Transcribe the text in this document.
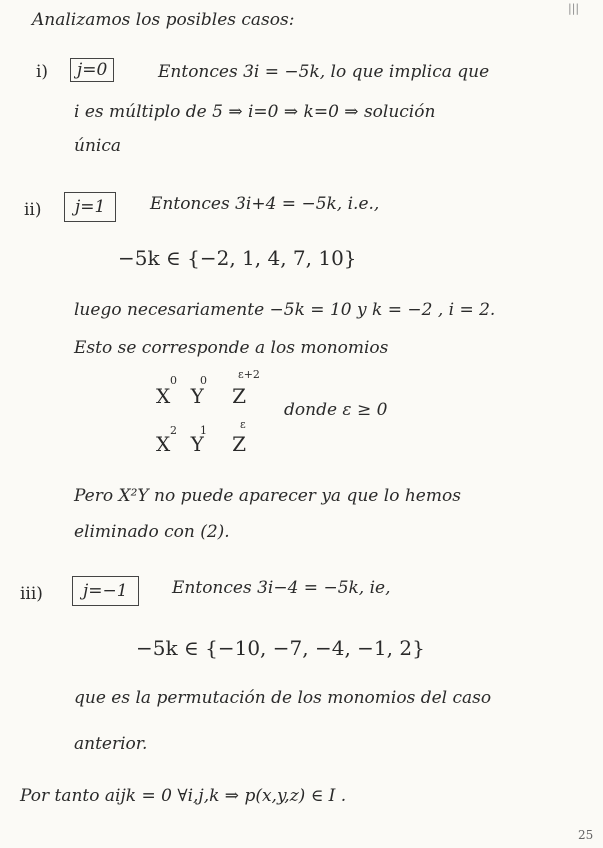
|||
Analizamos los posibles casos:
i)	j=0	Entonces 3i = −5k, lo que implica que
i es múltiplo de 5 ⇒ i=0 ⇒ k=0 ⇒ solución
única
ii)	j=1	Entonces 3i+4 = −5k, i.e.,
−5k ∈ {−2, 1, 4, 7, 10}
luego necesariamente −5k = 10 y k = −2 , i = 2.
Esto se corresponde a los monomios
X Y Z
0 0	ε+2
donde ε ≥ 0
X Y Z
2 1	ε
Pero X²Y no puede aparecer ya que lo hemos
eliminado con (2).
iii)	j=−1	Entonces 3i−4 = −5k, ie,
−5k ∈ {−10, −7, −4, −1, 2}
que es la permutación de los monomios del caso
anterior.
Por tanto aijk = 0 ∀i,j,k ⇒ p(x,y,z) ∈ I .
25
